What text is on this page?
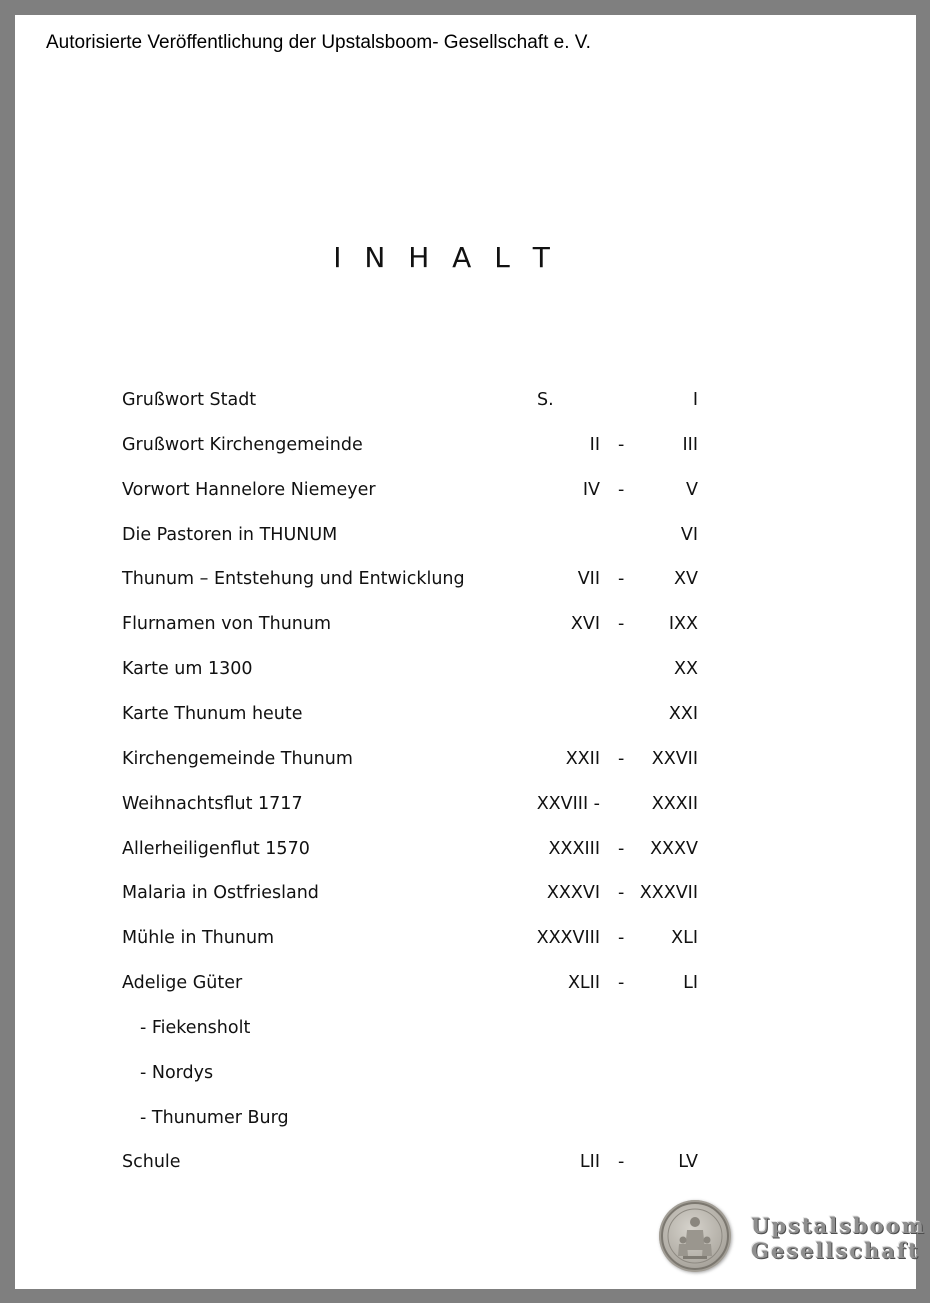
Autorisierte Veröffentlichung der Upstalsboom- Gesellschaft e. V.
I N H A L T
Grußwort Stadt	S.	I
Grußwort Kirchengemeinde	II -	III
Vorwort Hannelore Niemeyer	IV -	V
Die Pastoren in THUNUM	VI
Thunum – Entstehung und Entwicklung	VII -	XV
Flurnamen von Thunum	XVI -	IXX
Karte um 1300	XX
Karte Thunum heute	XXI
Kirchengemeinde Thunum	XXII - XXVII
Weihnachtsflut 1717	XXVIII -	XXXII
Allerheiligenflut 1570	XXXIII - XXXV
Malaria in Ostfriesland	XXXVI - XXXVII
Mühle in Thunum	XXXVIII -	XLI
Adelige Güter	XLII -	LI
- Fiekensholt
- Nordys
- Thunumer Burg
Schule	LII -	LV
Upstalsboom
Gesellschaft
